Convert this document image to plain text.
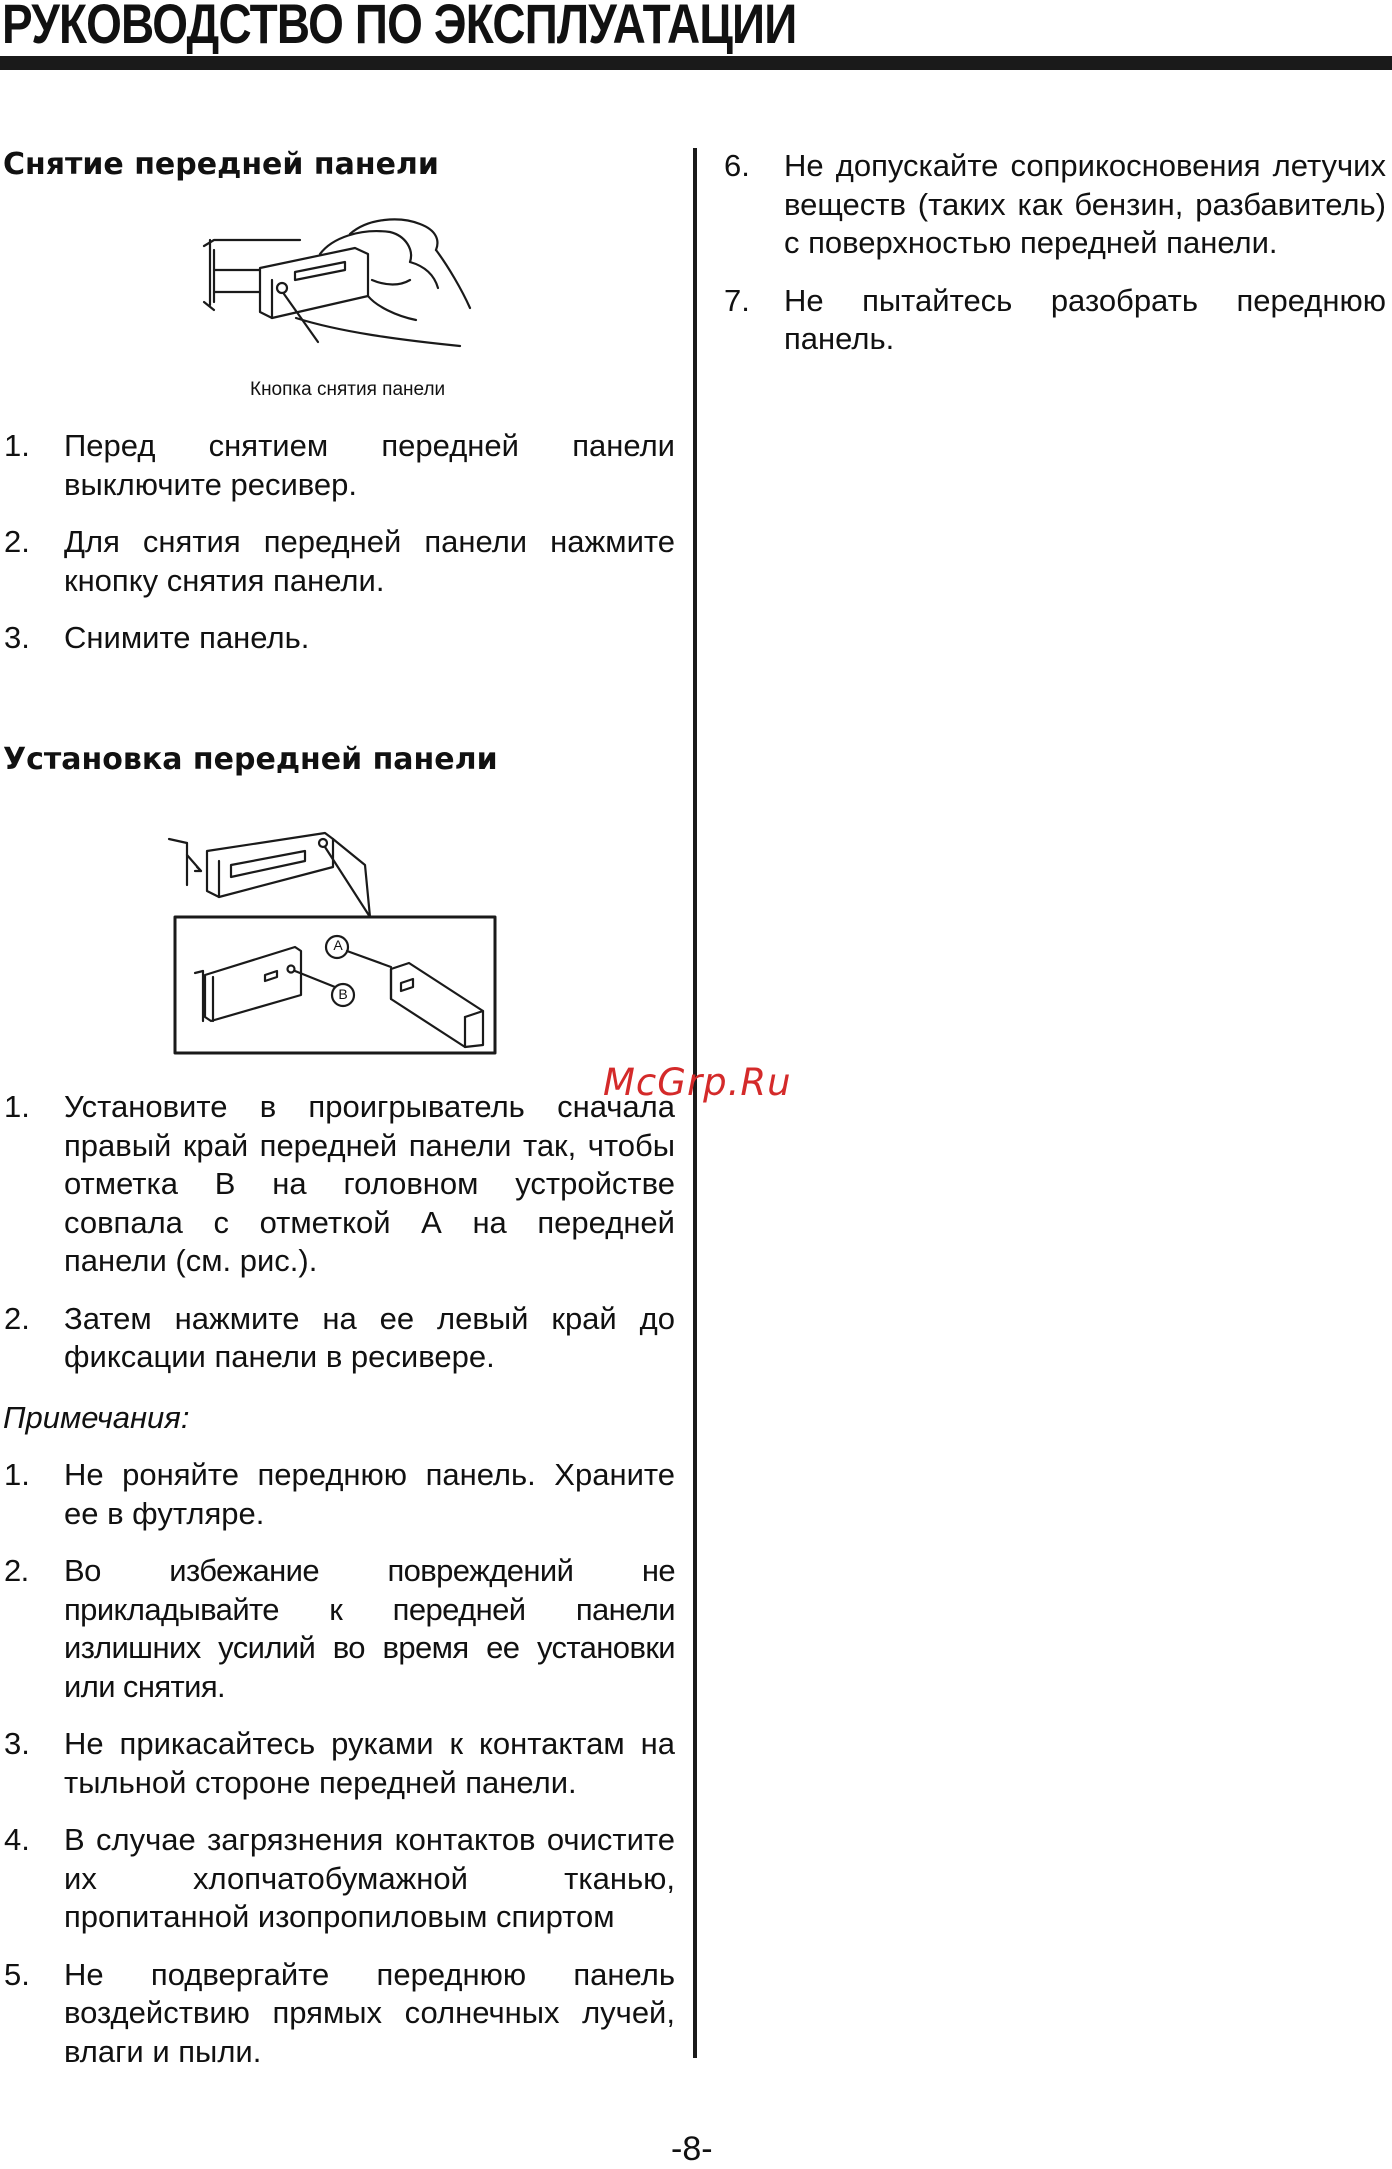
РУКОВОДСТВО ПО ЭКСПЛУАТАЦИИ
Снятие передней панели
Кнопка снятия панели
1. Перед снятием передней панели выключите ресивер.
2. Для снятия передней панели нажмите кнопку снятия панели.
3. Снимите панель.
Установка передней панели
A
B
1. Установите в проигрыватель сначала правый край передней панели так, чтобы отметка В на головном устройстве совпала с отметкой А на передней панели (см. рис.).
2. Затем нажмите на ее левый край до фиксации панели в ресивере.
Примечания:
1. Не роняйте переднюю панель. Храните ее в футляре.
2. Во избежание повреждений не прикладывайте к передней панели излишних усилий во время ее установки или снятия.
3. Не прикасайтесь руками к контактам на тыльной стороне передней панели.
4. В случае загрязнения контактов очистите их хлопчатобумажной тканью, пропитанной изопропиловым спиртом
5. Не подвергайте переднюю панель воздействию прямых солнечных лучей, влаги и пыли.
6. Не допускайте соприкосновения летучих веществ (таких как бензин, разбавитель) с поверхностью передней панели.
7. Не пытайтесь разобрать переднюю панель.
McGrp.Ru
-8-
